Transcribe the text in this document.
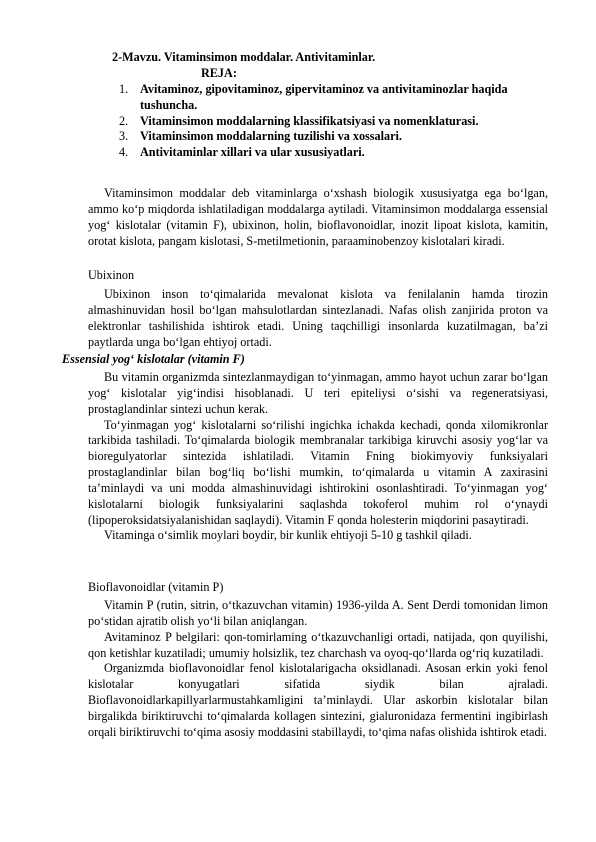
2-Mavzu. Vitaminsimon moddalar. Antivitaminlar.
REJA:
1. Avitaminoz, gipovitaminoz, gipervitaminoz va antivitaminozlar haqida tushuncha.
2. Vitaminsimon moddalarning klassifikatsiyasi va nomenklaturasi.
3. Vitaminsimon moddalarning tuzilishi va xossalari.
4. Antivitaminlar xillari va ular xususiyatlari.

Vitaminsimon moddalar deb vitaminlarga o‘xshash biologik xususiyatga ega bo‘lgan, ammo ko‘p miqdorda ishlatiladigan moddalarga aytiladi. Vitaminsimon moddalarga essensial yog‘ kislotalar (vitamin F), ubixinon, holin, bioflavonoidlar, inozit lipoat kislota, kamitin, orotat kislota, pangam kislotasi, S-metilmetionin, paraaminobenzoy kislotalari kiradi.

Ubixinon

Ubixinon inson to‘qimalarida mevalonat kislota va fenilalanin hamda tirozin almashinuvidan hosil bo‘lgan mahsulotlardan sintezlanadi. Nafas olish zanjirida proton va elektronlar tashilishida ishtirok etadi. Uning taqchilligi insonlarda kuzatilmagan, ba’zi paytlarda unga bo‘lgan ehtiyoj ortadi.

Essensial yog‘ kislotalar (vitamin F)

Bu vitamin organizmda sintezlanmaydigan to‘yinmagan, ammo hayot uchun zarar bo‘lgan yog‘ kislotalar yig‘indisi hisoblanadi. U teri epiteliysi o‘sishi va regeneratsiyasi, prostaglandinlar sintezi uchun kerak.

To‘yinmagan yog‘ kislotalarni so‘rilishi ingichka ichakda kechadi, qonda xilomikronlar tarkibida tashiladi. To‘qimalarda biologik membranalar tarkibiga kiruvchi asosiy yog‘lar va bioregulyatorlar sintezida ishlatiladi. Vitamin Fning biokimyoviy funksiyalari prostaglandinlar bilan bog‘liq bo‘lishi mumkin, to‘qimalarda u vitamin A zaxirasini ta’minlaydi va uni modda almashinuvidagi ishtirokini osonlashtiradi. To‘yinmagan yog‘ kislotalarni biologik funksiyalarini saqlashda tokoferol muhim rol o‘ynaydi (lipoperoksidatsiyalanishidan saqlaydi). Vitamin F qonda holesterin miqdorini pasaytiradi.

Vitaminga o‘simlik moylari boydir, bir kunlik ehtiyoji 5-10 g tashkil qiladi.

Bioflavonoidlar (vitamin P)

Vitamin P (rutin, sitrin, o‘tkazuvchan vitamin) 1936-yilda A. Sent Derdi tomonidan limon po‘stidan ajratib olish yo‘li bilan aniqlangan.

Avitaminoz P belgilari: qon-tomirlaming o‘tkazuvchanligi ortadi, natijada, qon quyilishi, qon ketishlar kuzatiladi; umumiy holsizlik, tez charchash va oyoq-qo‘llarda og‘riq kuzatiladi.

Organizmda bioflavonoidlar fenol kislotalarigacha oksidlanadi. Asosan erkin yoki fenol kislotalar konyugatlari sifatida siydik bilan ajraladi. Bioflavonoidlarkapillyarlarmustahkamligini ta’minlaydi. Ular askorbin kislotalar bilan birgalikda biriktiruvchi to‘qimalarda kollagen sintezini, gialuronidaza fermentini ingibirlash orqali biriktiruvchi to‘qima asosiy moddasini stabillaydi, to‘qima nafas olishida ishtirok etadi.
